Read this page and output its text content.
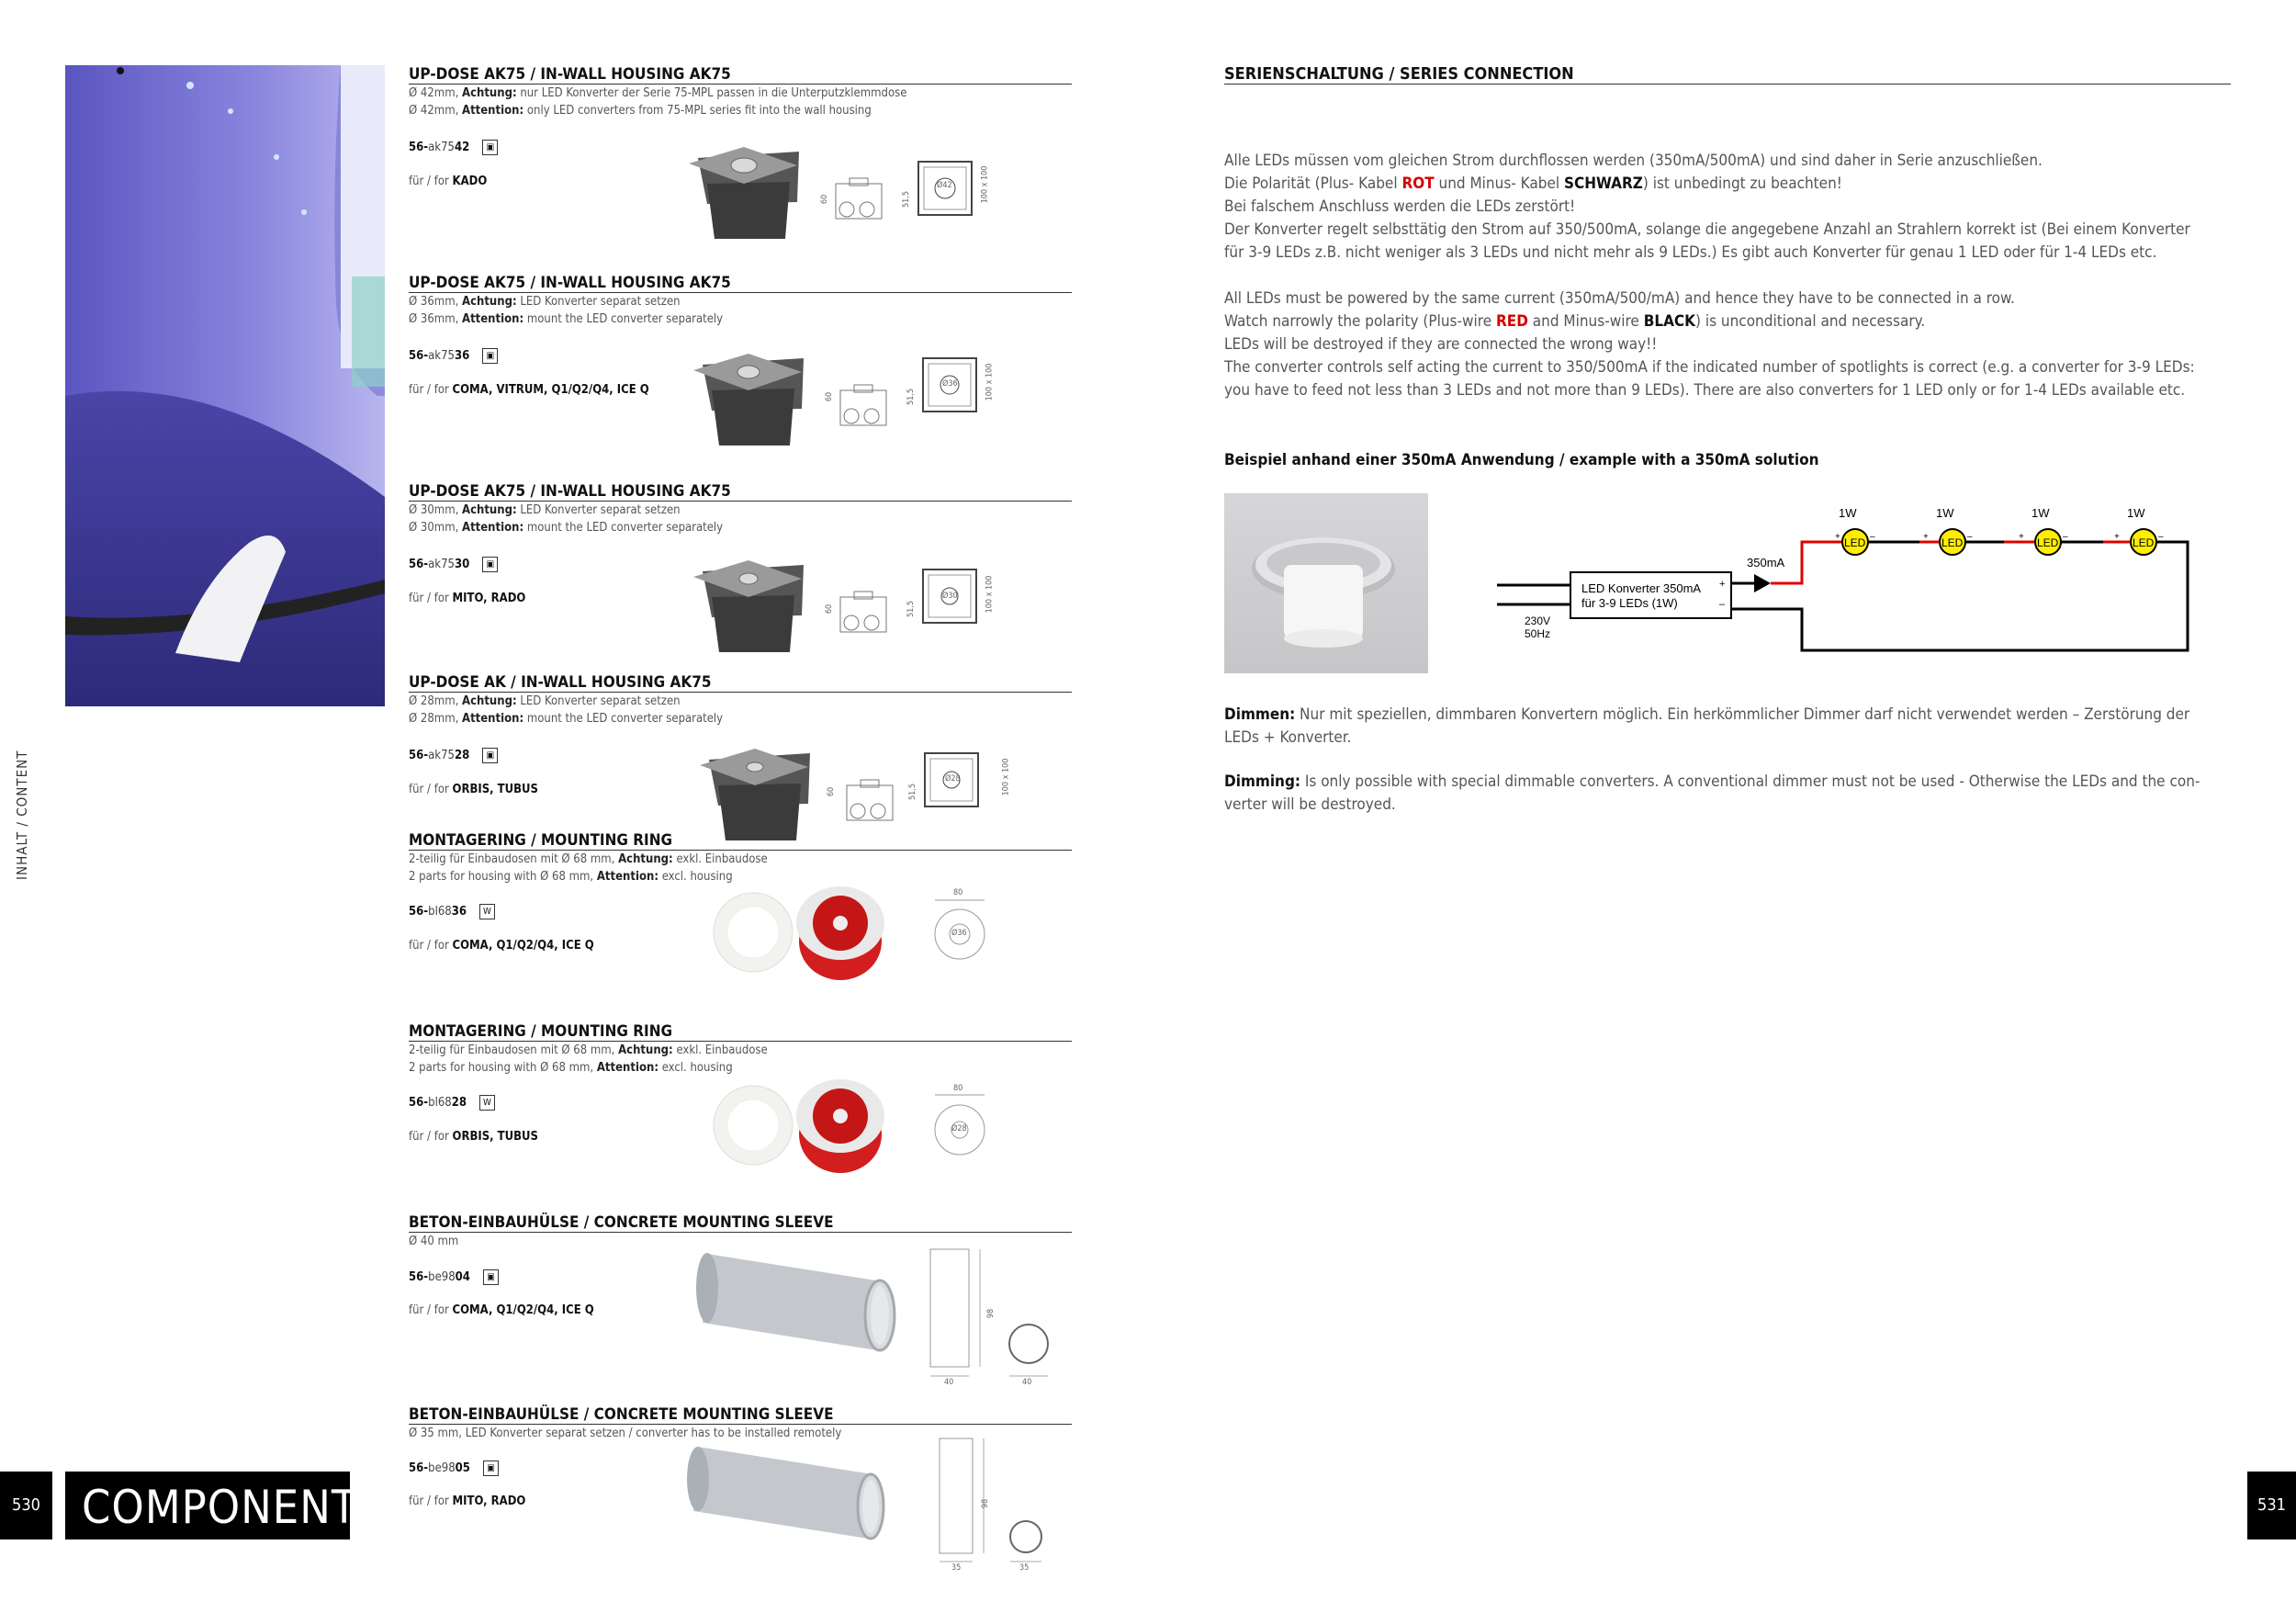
INHALT / CONTENT
530 COMPONENTS	531
UP-DOSE AK75 / IN-WALL HOUSING AK75
Ø 42mm, Achtung: nur LED Konverter der Serie 75-MPL passen in die Unterputzklemmdose
Ø 42mm, Attention: only LED converters from 75-MPL series fit into the wall housing
56-ak7542 ▣
für / for KADO
UP-DOSE AK75 / IN-WALL HOUSING AK75
Ø 36mm, Achtung: LED Konverter separat setzen
Ø 36mm, Attention: mount the LED converter separately
56-ak7536 ▣
für / for COMA, VITRUM, Q1/Q2/Q4, ICE Q
UP-DOSE AK75 / IN-WALL HOUSING AK75
Ø 30mm, Achtung: LED Konverter separat setzen
Ø 30mm, Attention: mount the LED converter separately
56-ak7530 ▣
für / for MITO, RADO
UP-DOSE AK / IN-WALL HOUSING AK75
Ø 28mm, Achtung: LED Konverter separat setzen
Ø 28mm, Attention: mount the LED converter separately
56-ak7528 ▣
für / for ORBIS, TUBUS
MONTAGERING / MOUNTING RING
2-teilig für Einbaudosen mit Ø 68 mm, Achtung: exkl. Einbaudose
2 parts for housing with Ø 68 mm, Attention: excl. housing
56-bl6836 W
für / for COMA, Q1/Q2/Q4, ICE Q
MONTAGERING / MOUNTING RING
2-teilig für Einbaudosen mit Ø 68 mm, Achtung: exkl. Einbaudose
2 parts for housing with Ø 68 mm, Attention: excl. housing
56-bl6828 W
für / for ORBIS, TUBUS
BETON-EINBAUHÜLSE / CONCRETE MOUNTING SLEEVE
Ø 40 mm
56-be9804 ▣
für / for COMA, Q1/Q2/Q4, ICE Q
BETON-EINBAUHÜLSE / CONCRETE MOUNTING SLEEVE
Ø 35 mm, LED Konverter separat setzen / converter has to be installed remotely
56-be9805 ▣
für / for MITO, RADO
Ø42
60	51,5	100 x 100
Ø36
60	51,5	100 x 100
Ø30
60	51,5	100 x 100
Ø28
60	51,5	100 x 100
80
Ø36
80
Ø28
98
40	40
98
35	35
SERIENSCHALTUNG / SERIES CONNECTION
Alle LEDs müssen vom gleichen Strom durchflossen werden (350mA/500mA) und sind daher in Serie anzuschließen.
Die Polarität (Plus- Kabel ROT und Minus- Kabel SCHWARZ) ist unbedingt zu beachten!
Bei falschem Anschluss werden die LEDs zerstört!
Der Konverter regelt selbsttätig den Strom auf 350/500mA, solange die angegebene Anzahl an Strahlern korrekt ist (Bei einem Konverter
für 3-9 LEDs z.B. nicht weniger als 3 LEDs und nicht mehr als 9 LEDs.) Es gibt auch Konverter für genau 1 LED oder für 1-4 LEDs etc.
All LEDs must be powered by the same current (350mA/500/mA) and hence they have to be connected in a row.
Watch narrowly the polarity (Plus-wire RED and Minus-wire BLACK) is unconditional and necessary.
LEDs will be destroyed if they are connected the wrong way!!
The converter controls self acting the current to 350/500mA if the indicated number of spotlights is correct (e.g. a converter for 3-9 LEDs:
you have to feed not less than 3 LEDs and not more than 9 LEDs). There are also converters for 1 LED only or for 1-4 LEDs available etc.
Beispiel anhand einer 350mA Anwendung / example with a 350mA solution
LED Konverter 350mA
für 3-9 LEDs (1W)
+
–
230V
50Hz
350mA
LED
1W
+	–	LED
1W
+	–	LED
1W
+	–	LED
1W
+	–
Dimmen: Nur mit speziellen, dimmbaren Konvertern möglich. Ein herkömmlicher Dimmer darf nicht verwendet werden – Zerstörung der
LEDs + Konverter.
Dimming: Is only possible with special dimmable converters. A conventional dimmer must not be used - Otherwise the LEDs and the con-
verter will be destroyed.
